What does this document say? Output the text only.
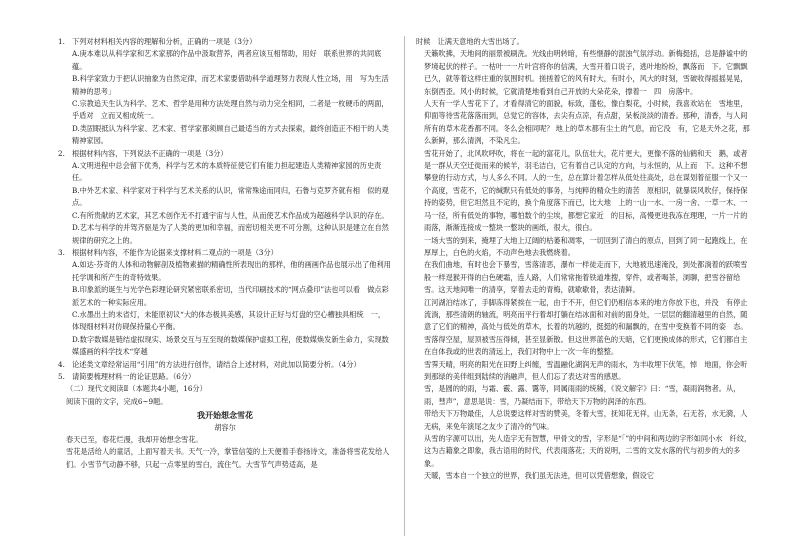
1.　下列对材料相关内容的理解和分析，正确的一项是（3分）
A.庚本难以从科学家和艺术家那的作品中汲取营养，两者应该互相帮助，用好　联系世界的共同底蕴。
B.科学家致力于把认识抽象为自然定律，而艺术家要借助科学道理努力表现人性立场，用　写为生活精神的思考」
C.宗教追天生认为科学、艺术、哲学是用种方法处理自然与动力完全相同，二者是一枚硬币的两面，乎盾对　立而又相成统一。
D.类固眼抵认为科学家、艺术家、哲学家都须顾自己最适当的方式去探索，最终创造正不相干的人类精神家园。
2.　根据材料内容，下列说法不正确的一项是（3分）
A.文明进程中总会留下优秀，科学与艺术的本质特征使它们有能力担起建造人类精神家园的历史责任。
B.中外艺术家、科学家对于科学与艺术关系的认识，常常殊途而同归，石鲁与克罗齐就有相　似的观点。
C.有所贵献的艺术家，其艺术创作无不打通宇宙与人性，从而使艺术作品成为超越科学认识的存在。
D.艺术与科学的并驾齐驱是为了人类的更加和幸福，而密切相关更不可分割，这种认识是建立在自然规律的研究之上的。
3.　根据材料内容，不能作为论据来支撑材料二观点的一项是（3分）
A.如达·芬奇的人体和动物解剖及植物素描的精确性所表现出的那样，他的画画作品也展示出了他利用托学调和所产生的奇特效果。
B.印象派的诞生与光学色彩理论研究紧密联系密切，当代印刷技术的“网点叠印”法也可以看　做点彩派艺术的一种实际应用。
C.水墨出土的未省灯，未能原初议“大的体态极具美感，其设计正好与灯盘的空心槽独具相统　一，体现细材料对仿砚保持量心平衡。
D.数字数媒是链结虚拟现实、场景交互与互至现的数媒保护虚拟工程，使数媒焕发新生命力，实现数媒盛画的科学技术“穿越
4.　论述类文章经常运用“引用”的方法进行创作，请结合上述材料，对此加以简要分析。（4分）
5.　请简要梳理材料一的论证思路。（6分）
（二）现代文阅读Ⅱ（本题共4小题，16分）
阅读下面的文字，完成6~9题。
我开始想念雪花
胡容尔
春天已至，春花烂漫，我却开始想念雪花。
雪花是活给人的童话，上面写着天书。天气一冷，掌管信笺的上天便着手春扬诗文，准备将雪花发给人们。小雪节气动静不够，只起一点零星的雪白，流住气。大雪节气声势适高，是
时候　让满天意地的大雪出场了。
天籁吹拂，天地间的丽景被刷洗。光线由明转暗，有些惬静的混浊气氛浮动。新梅挺括，总是静谧中的梦境起伏的样子。一枯叶一一片叶宫将你的信满，大雪开着口说子，逃叶地纷纷，飘落而　下。它飘飘已久，就等着这样庄重的氛围时机。搓搓着它的风有时大，有时小，风大的时刻，雪破收得摇摇晃晃，东倒西歪。风小的时候，它就清楚地看到自己开放的大朵花朵，撑着一　四　房落中。
人天有一学人雪花下了，才看得清它的面貌，标致，蓬松，像白梨花，小时候，我喜欢站在　雪地里，仰面等待雪花落落而到，总觉它的容体，去尖有点凉，有点甜，呆板淡淡的清香。那种，清香，与人间所有的草木花香都不同。冬么会相同呢？ 地上的草木都有尘土的气息，而它没　有，它是天外之花，那么新鲜，那么清洌，不染凡尘。
雪花开始了，北风吹呼吹，将在一起的富花儿，队伍壮大，花片更大，更像不落的仙鹤和天　鹅，或者是一群从天空迁徙而来的候羊，羽毛洁白，它有着自己认定的方向，与永恒的，从上而　下。这种不想攀登的行动方式，与人多么不同。人的一生，总在算计着怎样从低处往高处，总在谋划着征服一个又一个高度，雪花不，它的缄默只有低处的事务，与纯粹的精众生的清苦　原相识，就暴误风吹仔，保持保持的姿势，但它坦然且不定的，换个角度落下而已，比大地　上的一山一水、一房一舍、一草一木、一马一径，所有低处的事物，哪怕数个的尘埃，都想它家近　的目标，高慢更进我冻在理理，一片一片的雨落，渐渐连接成一整块一整块的画纸，很大，很白。
一场大雪的到来，掩埋了大地上辽阔的枯萎和凋零，一切回到了清白的原点，回到了同一起跑线上，在厚厚上，白色的火焰，不动声色地去我燃烧着。
在我们曲地，有时也会下暴雪，雪落清恶，瀑布一样徒走而下，大地被迅速淹没，到处都淌着的跃喷雪般一样逞猴开得的白色硬霜，连人路，人们常常拖着铁道堆搜，穿件，或者喝茶，浏聊，把雪谷留给雪。这天地间唯一的清享，穿着去走的青梅，就歇歇骨，表达清鲜。
江河湖泊结冰了，手脚冻得紧挨在一起，由于不开，但它们仍相信本来的地方你放下也，并没　有停止流淌，那些清朗的轴流，明亮而平行着却打躺在结冰面和对前的面身处，一层层的翻清越里的自然，随意了它们的精神，高处与低处的草木，长着的坑越的，挺挺的和漏飘的，在雪中变换着不同的姿　态。雪落得空屋，屋顶被雪压得倾，甚至显新散。但这世界蓝色的天暗，它们更换成体的形式，它们都自主在自体我或的世表的清远上，我们对物中上一次一年的整整。
雪霁天晴，明亮的阳光在田野上纠缠，雪温融化湖润无声的雨水，为丰收埋下伏笔，悼　地面，你会听到那绿的美伴组到陆续的消融声，但人们忘了表达对雪的感恩。
雪，是圆的的雨，与霜、霰、露、霭等，同属雨雨的统稀，《说文解字》曰：“雪，凝雨润物者。从，雨，彗声”，意思是说：雪，乃凝结而下，带给天下万物的润泽的东西。
带给天下万物最佳，人总说要这样对雪的赞美，冬着大雪，抚知花无祥，山无条，石无苔，水无漪，人无病，来免年演尾之友少了清冷的气味。
从雪的字源可以出，先人造字无有智慧，甲骨文的雪，字形是“「”的中间和两边的字形如同小水　纤纹，这为古籍象之即象，我古语用的时代，代表雨落花；天的说明，二雪的文发水落的代与初步的大的多象。
天暖，雪本自一个独立的世界，我们虽无法进，但可以凭借想象，假设它
